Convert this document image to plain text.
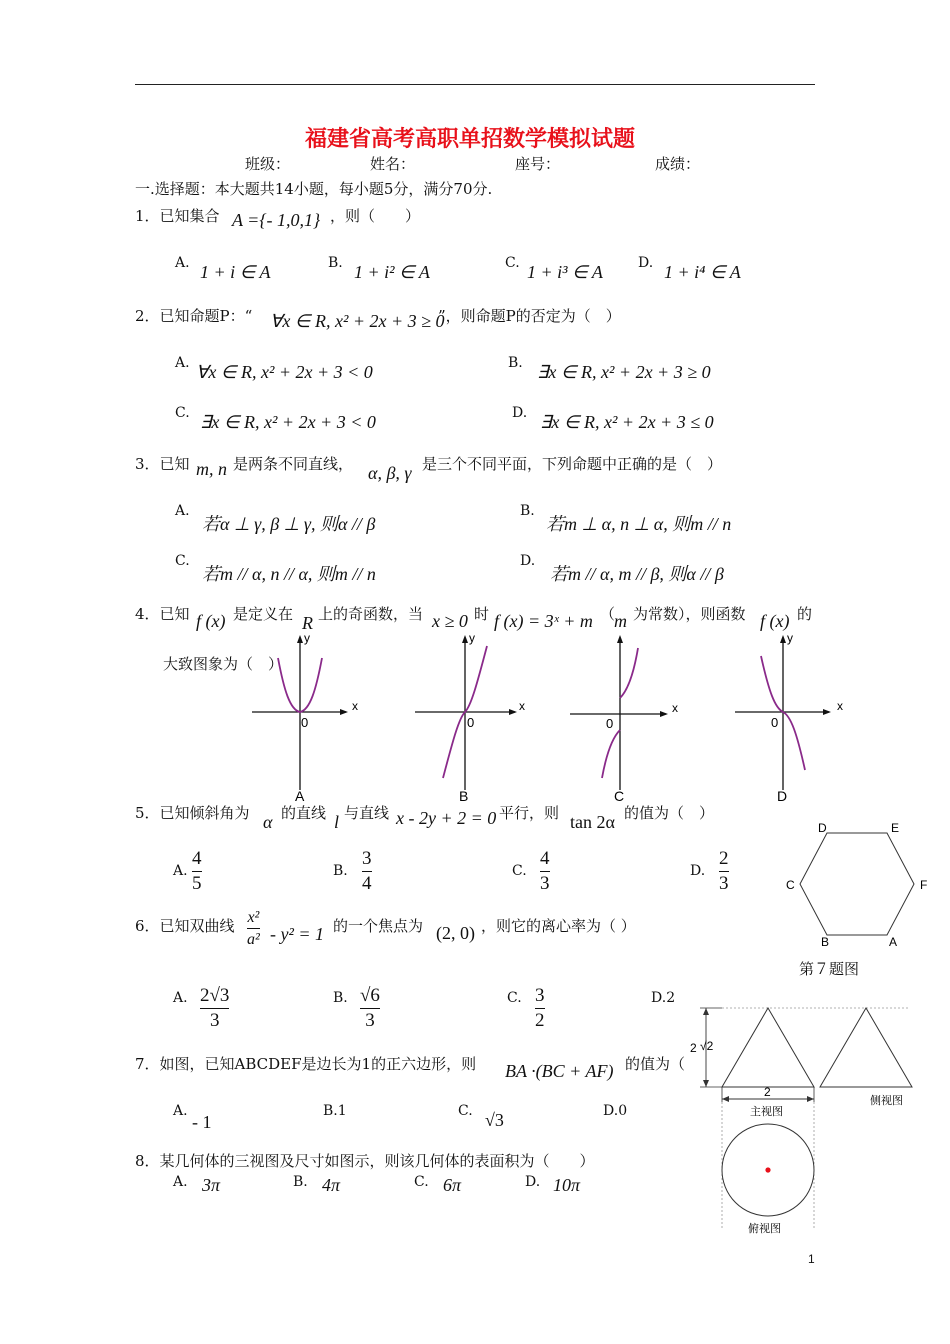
福建省高考高职单招数学模拟试题
班级：	姓名：	座号：	成绩：
一.选择题：本大题共14小题，每小题5分，满分70分.
1．已知集合 A ={- 1,0,1} ，则（　　）
A. 1 + i ∈ A	B. 1 + i² ∈ A	C. 1 + i³ ∈ A	D. 1 + i⁴ ∈ A
2．已知命题P：“ ∀x ∈ R, x² + 2x + 3 ≥ 0
”，则命题P的否定为（　）
A. ∀x ∈ R, x² + 2x + 3 < 0	B. ∃x ∈ R, x² + 2x + 3 ≥ 0
C. ∃x ∈ R, x² + 2x + 3 < 0	D. ∃x ∈ R, x² + 2x + 3 ≤ 0
3．已知 m, n 是两条不同直线， α, β, γ 是三个不同平面，下列命题中正确的是（　）
A.
若α ⊥ γ, β ⊥ γ, 则α // β
B.
若m ⊥ α, n ⊥ α, 则m // n
C.
若m // α, n // α, 则m // n
D.
若m // α, m // β, 则α // β
4．已知 f (x) 是定义在 R 上的奇函数，当 x ≥ 0 时 f (x) = 3ˣ + m （
m 为常数），则函数 f (x) 的
大致图象为（　）
x
y
0
A
x
y
0
B
x
0
C
x
y
0
D
5．已知倾斜角为 α 的直线 l 与直线 x - 2y + 2 = 0 平行，则 tan 2α 的值为（　）
A.
4
5
B.
3
4
C.
4
3
D.
2
3
6．已知双曲线 x²
a² - y² = 1 的一个焦点为 (2, 0) ，则它的离心率为（ ）
A. 2√3
3
B. √6
3
C. 3
2
D.2
7．如图，已知ABCDEF是边长为1的正六边形，则 BA ·(BC + AF) 的值为（
A.
- 1
B.1	C. √3	D.0
8．某几何体的三视图及尺寸如图示，则该几何体的表面积为（　　）
A. 3π	B. 4π	C. 6π	D. 10π
D	E
F
A
B
C
第７题图
2 √2
2
主视图
侧视图
俯视图
1
